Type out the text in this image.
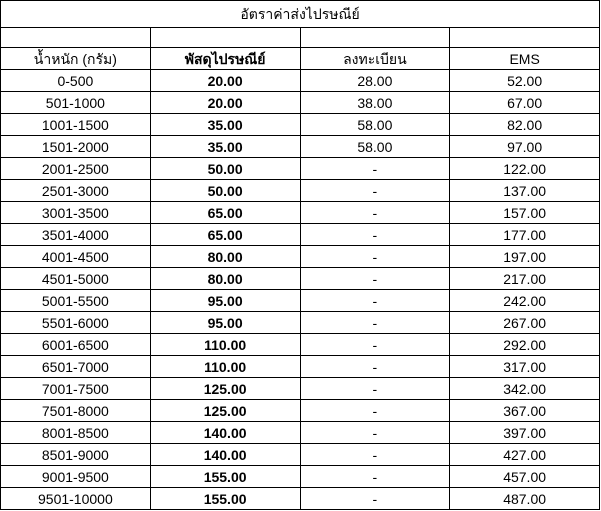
อัตราค่าส่งไปรษณีย์			

น้ำหนัก (กรัม)	พัสดุไปรษณีย์	ลงทะเบียน	EMS
0-500	20.00	28.00	52.00
501-1000	20.00	38.00	67.00
1001-1500	35.00	58.00	82.00
1501-2000	35.00	58.00	97.00
2001-2500	50.00	-	122.00
2501-3000	50.00	-	137.00
3001-3500	65.00	-	157.00
3501-4000	65.00	-	177.00
4001-4500	80.00	-	197.00
4501-5000	80.00	-	217.00
5001-5500	95.00	-	242.00
5501-6000	95.00	-	267.00
6001-6500	110.00	-	292.00
6501-7000	110.00	-	317.00
7001-7500	125.00	-	342.00
7501-8000	125.00	-	367.00
8001-8500	140.00	-	397.00
8501-9000	140.00	-	427.00
9001-9500	155.00	-	457.00
9501-10000	155.00	-	487.00
